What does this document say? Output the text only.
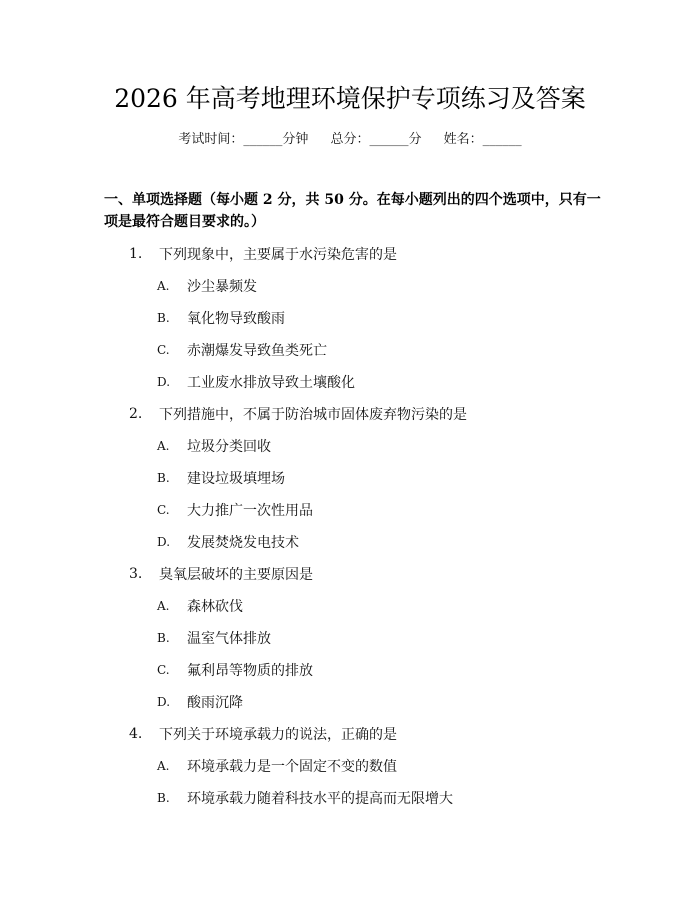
2026 年高考地理环境保护专项练习及答案
考试时间：______分钟 总分：______分 姓名：______
一、单项选择题（每小题 2 分，共 50 分。在每小题列出的四个选项中，只有一项是最符合题目要求的。）
1.	下列现象中，主要属于水污染危害的是
A.	沙尘暴频发
B.	氧化物导致酸雨
C.	赤潮爆发导致鱼类死亡
D.	工业废水排放导致土壤酸化
2.	下列措施中，不属于防治城市固体废弃物污染的是
A.	垃圾分类回收
B.	建设垃圾填埋场
C.	大力推广一次性用品
D.	发展焚烧发电技术
3.	臭氧层破坏的主要原因是
A.	森林砍伐
B.	温室气体排放
C.	氟利昂等物质的排放
D.	酸雨沉降
4.	下列关于环境承载力的说法，正确的是
A.	环境承载力是一个固定不变的数值
B.	环境承载力随着科技水平的提高而无限增大
